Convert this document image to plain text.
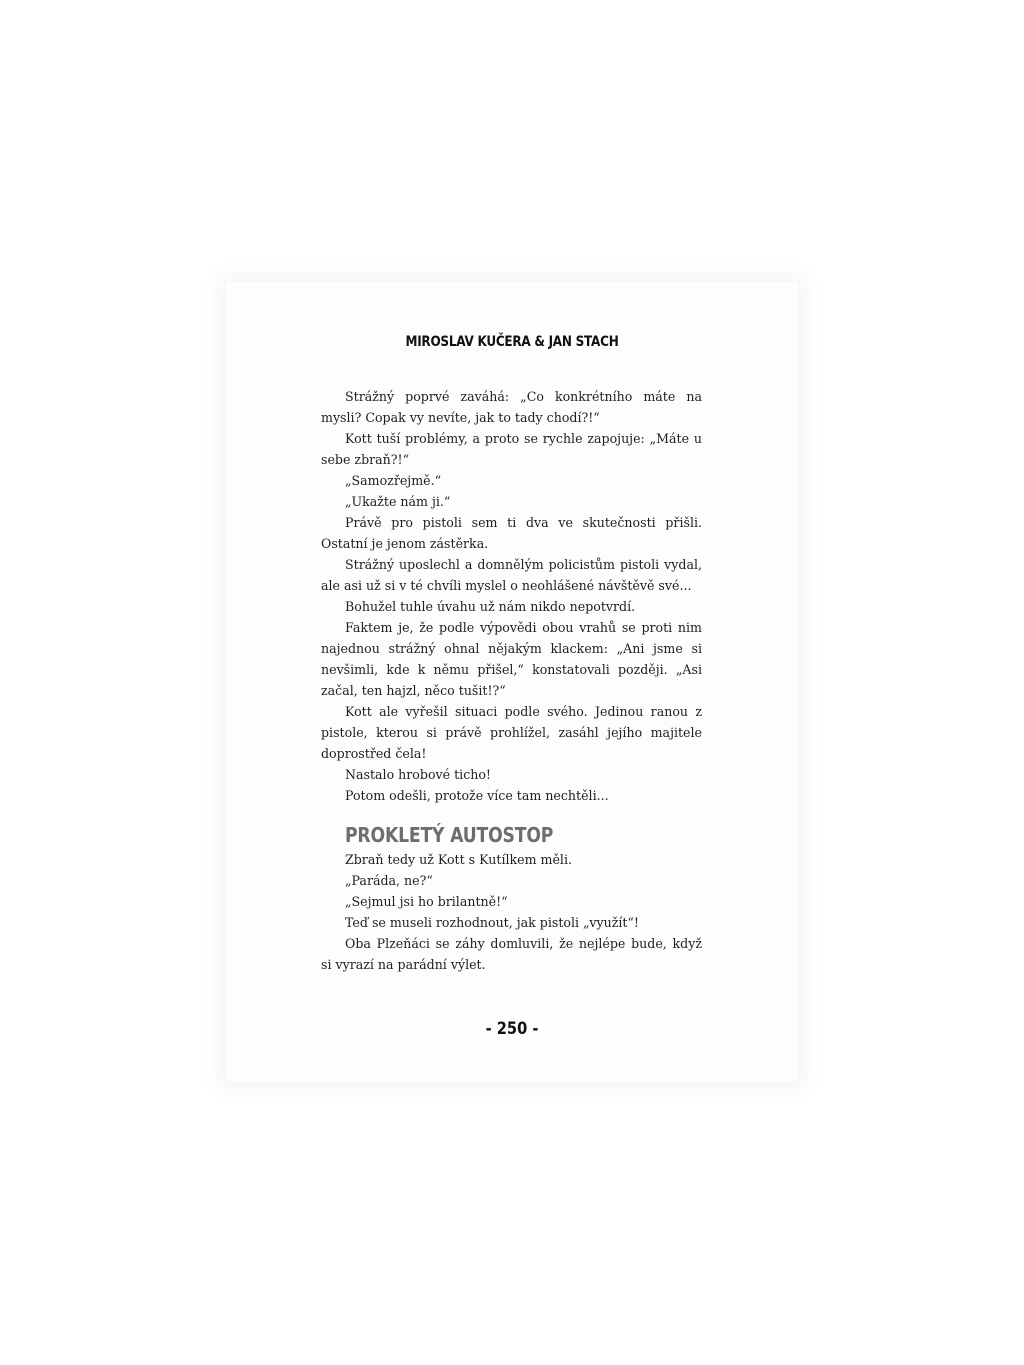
MIROSLAV KUČERA & JAN STACH

Strážný poprvé zaváhá: „Co konkrétního máte na mysli? Copak vy nevíte, jak to tady chodí?!“

Kott tuší problémy, a proto se rychle zapojuje: „Máte u sebe zbraň?!“

„Samozřejmě.“

„Ukažte nám ji.“

Právě pro pistoli sem ti dva ve skutečnosti přišli. Ostatní je jenom zástěrka.

Strážný uposlechl a domnělým policistům pistoli vydal, ale asi už si v té chvíli myslel o neohlášené návštěvě své...

Bohužel tuhle úvahu už nám nikdo nepotvrdí.

Faktem je, že podle výpovědi obou vrahů se proti nim najednou strážný ohnal nějakým klackem: „Ani jsme si nevšimli, kde k němu přišel,“ konstatovali později. „Asi začal, ten hajzl, něco tušit!?“

Kott ale vyřešil situaci podle svého. Jedinou ranou z pistole, kterou si právě prohlížel, zasáhl jejího majitele doprostřed čela!

Nastalo hrobové ticho!

Potom odešli, protože více tam nechtěli...

PROKLETÝ AUTOSTOP

Zbraň tedy už Kott s Kutílkem měli.

„Paráda, ne?“

„Sejmul jsi ho brilantně!“

Teď se museli rozhodnout, jak pistoli „využít“!

Oba Plzeňáci se záhy domluvili, že nejlépe bude, když si vyrazí na parádní výlet.

- 250 -
